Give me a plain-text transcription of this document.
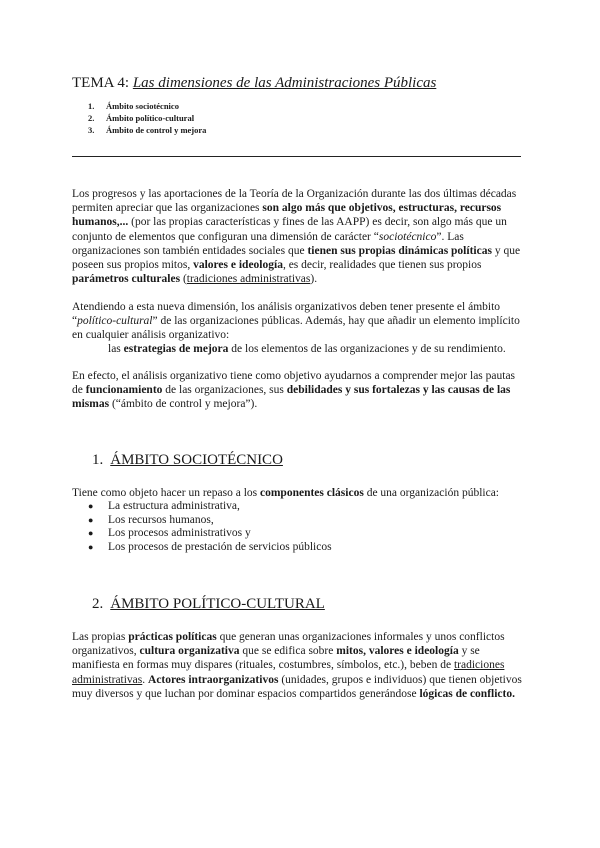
TEMA 4: Las dimensiones de las Administraciones Públicas
1. Ámbito sociotécnico
2. Ámbito político-cultural
3. Ámbito de control y mejora

Los progresos y las aportaciones de la Teoría de la Organización durante las dos últimas décadas permiten apreciar que las organizaciones son algo más que objetivos, estructuras, recursos humanos,... (por las propias características y fines de las AAPP) es decir, son algo más que un conjunto de elementos que configuran una dimensión de carácter “sociotécnico”. Las organizaciones son también entidades sociales que tienen sus propias dinámicas políticas y que poseen sus propios mitos, valores e ideología, es decir, realidades que tienen sus propios parámetros culturales (tradiciones administrativas).

Atendiendo a esta nueva dimensión, los análisis organizativos deben tener presente el ámbito “político-cultural” de las organizaciones públicas. Además, hay que añadir un elemento implícito en cualquier análisis organizativo:

las estrategias de mejora de los elementos de las organizaciones y de su rendimiento.

En efecto, el análisis organizativo tiene como objetivo ayudarnos a comprender mejor las pautas de funcionamiento de las organizaciones, sus debilidades y sus fortalezas y las causas de las mismas (“ámbito de control y mejora”).

1. ÁMBITO SOCIOTÉCNICO

Tiene como objeto hacer un repaso a los componentes clásicos de una organización pública:

● La estructura administrativa,
● Los recursos humanos,
● Los procesos administrativos y
● Los procesos de prestación de servicios públicos
2. ÁMBITO POLÍTICO-CULTURAL

Las propias prácticas políticas que generan unas organizaciones informales y unos conflictos organizativos, cultura organizativa que se edifica sobre mitos, valores e ideología y se manifiesta en formas muy dispares (rituales, costumbres, símbolos, etc.), beben de tradiciones administrativas. Actores intraorganizativos (unidades, grupos e individuos) que tienen objetivos muy diversos y que luchan por dominar espacios compartidos generándose lógicas de conflicto.
